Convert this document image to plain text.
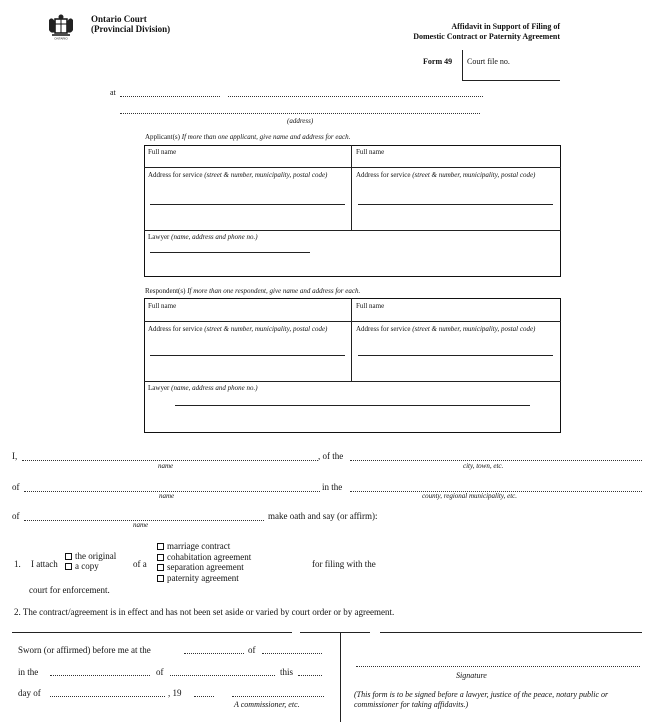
ONTARIO
Ontario Court
(Provincial Division)	Affidavit in Support of Filing of
Domestic Contract or Paternity Agreement
Form 49 Court file no.
at
(address)
Applicant(s) If more than one applicant, give name and address for each.
Full name	Full name
Address for service (street & number, municipality, postal code)	Address for service (street & number, municipality, postal code)
Lawyer (name, address and phone no.)
Respondent(s) If more than one respondent, give name and address for each.
Full name	Full name
Address for service (street & number, municipality, postal code)	Address for service (street & number, municipality, postal code)
Lawyer (name, address and phone no.)
I,	, of the
name	city, town, etc.
of	in the
name	county, regional municipality, etc.
of	make oath and say (or affirm):
name
1. I attach
the original
a copy	of a
marriage contract
cohabitation agreement
separation agreement
paternity agreement
for filing with the
court for enforcement.
2. The contract/agreement is in effect and has not been set aside or varied by court order or by agreement.
Sworn (or affirmed) before me at the	of
in the	of	this
day of	, 19
A commissioner, etc.
Signature
(This form is to be signed before a lawyer, justice of the peace, notary public or commissioner for taking affidavits.)
